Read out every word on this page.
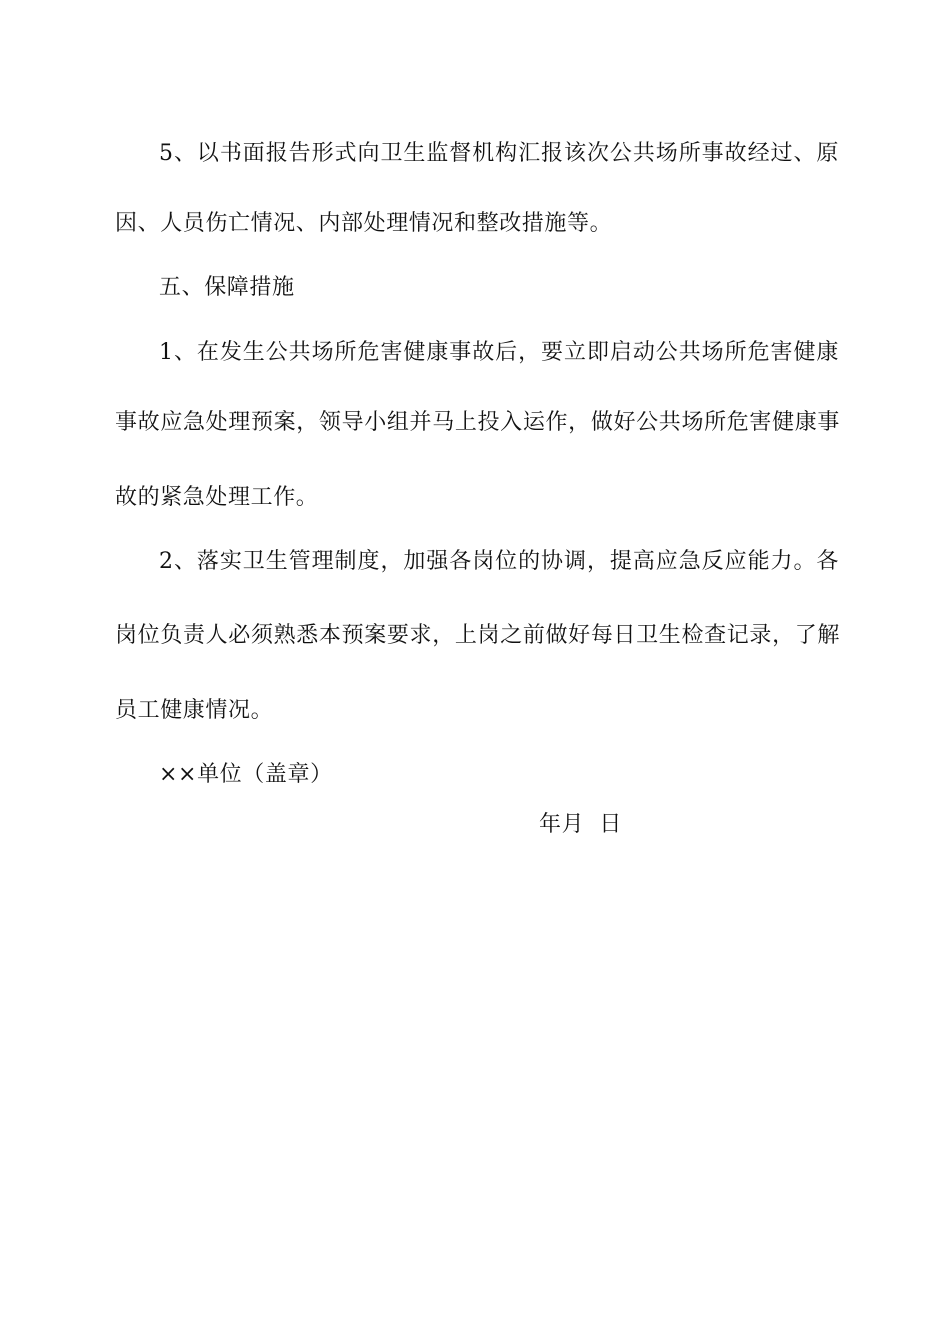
5、以书面报告形式向卫生监督机构汇报该次公共场所事故经过、原
因、人员伤亡情况、内部处理情况和整改措施等。
五、保障措施
1、在发生公共场所危害健康事故后，要立即启动公共场所危害健康
事故应急处理预案，领导小组并马上投入运作，做好公共场所危害健康事
故的紧急处理工作。
2、落实卫生管理制度，加强各岗位的协调，提高应急反应能力。各
岗位负责人必须熟悉本预案要求，上岗之前做好每日卫生检查记录，了解
员工健康情况。
××单位（盖章）
年月  日
